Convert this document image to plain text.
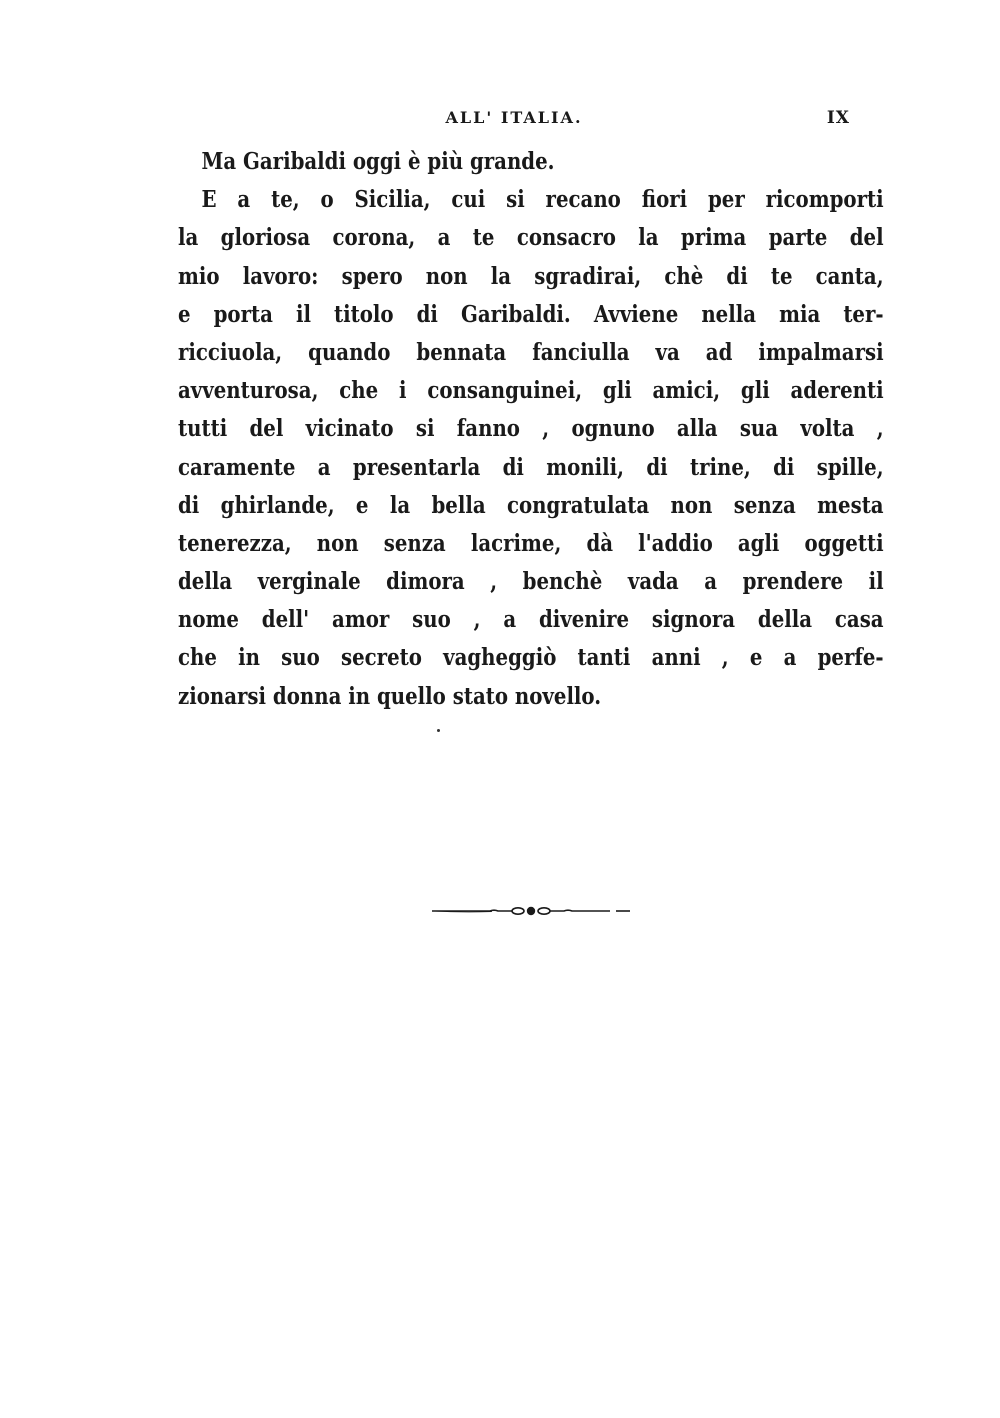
ALL' ITALIA.	IX
Ma Garibaldi oggi è più grande.
E a te, o Sicilia, cui si recano fiori per ricomporti
la gloriosa corona, a te consacro la prima parte del
mio lavoro: spero non la sgradirai, chè di te canta,
e porta il titolo di Garibaldi. Avviene nella mia ter-
ricciuola, quando bennata fanciulla va ad impalmarsi
avventurosa, che i consanguinei, gli amici, gli aderenti
tutti del vicinato si fanno , ognuno alla sua volta ,
caramente a presentarla di monili, di trine, di spille,
di ghirlande, e la bella congratulata non senza mesta
tenerezza, non senza lacrime, dà l'addio agli oggetti
della verginale dimora , benchè vada a prendere il
nome dell' amor suo , a divenire signora della casa
che in suo secreto vagheggiò tanti anni , e a perfe-
zionarsi donna in quello stato novello.
